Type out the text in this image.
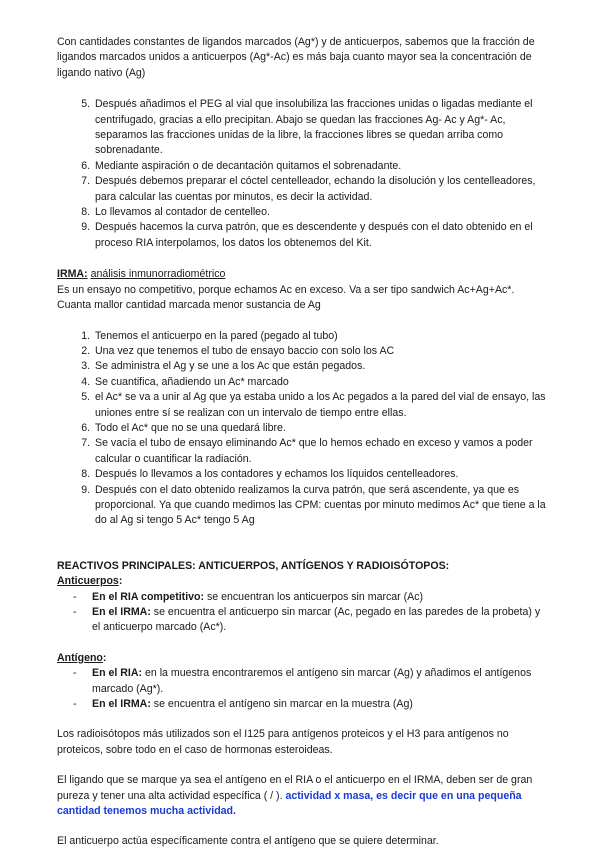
Con cantidades constantes de ligandos marcados (Ag*) y de anticuerpos, sabemos que la fracción de ligandos marcados unidos a anticuerpos (Ag*-Ac) es más baja cuanto mayor sea la concentración de ligando nativo (Ag)

5. Después añadimos el PEG al vial que insolubiliza las fracciones unidas o ligadas mediante el centrifugado, gracias a ello precipitan. Abajo se quedan las fracciones Ag- Ac y Ag*- Ac, separamos las fracciones unidas de la libre, la fracciones libres se quedan arriba como sobrenadante.
6. Mediante aspiración o de decantación quitamos el sobrenadante.
7. Después debemos preparar el cóctel centelleador, echando la disolución y los centelleadores, para calcular las cuentas por minutos, es decir la actividad.
8. Lo llevamos al contador de centelleo.
9. Después hacemos la curva patrón, que es descendente y después con el dato obtenido en el proceso RIA interpolamos, los datos los obtenemos del Kit.

IRMA: análisis inmunorradiométrico

Es un ensayo no competitivo, porque echamos Ac en exceso. Va a ser tipo sandwich Ac+Ag+Ac*.

Cuanta mallor cantidad marcada menor sustancia de Ag

1. Tenemos el anticuerpo en la pared (pegado al tubo)
2. Una vez que tenemos el tubo de ensayo baccio con solo los AC
3. Se administra el Ag y se une a los Ac que están pegados.
4. Se cuantifica, añadiendo un Ac* marcado
5. el Ac* se va a unir al Ag que ya estaba unido a los Ac pegados a la pared del vial de ensayo, las uniones entre sí se realizan con un intervalo de tiempo entre ellas.
6. Todo el Ac* que no se una quedará libre.
7. Se vacía el tubo de ensayo eliminando Ac* que lo hemos echado en exceso y vamos a poder calcular o cuantificar la radiación.
8. Después lo llevamos a los contadores y echamos los líquidos centelleadores.
9. Después con el dato obtenido realizamos la curva patrón, que será ascendente, ya que es proporcional. Ya que cuando medimos las CPM: cuentas por minuto medimos Ac* que tiene a la do al Ag si tengo 5 Ac* tengo 5 Ag

REACTIVOS PRINCIPALES: ANTICUERPOS, ANTÍGENOS Y RADIOISÓTOPOS:

Anticuerpos:

- En el RIA competitivo: se encuentran los anticuerpos sin marcar (Ac)
- En el IRMA: se encuentra el anticuerpo sin marcar (Ac, pegado en las paredes de la probeta) y el anticuerpo marcado (Ac*).

Antígeno:

- En el RIA: en la muestra encontraremos el antígeno sin marcar (Ag) y añadimos el antígenos marcado (Ag*).
- En el IRMA: se encuentra el antígeno sin marcar en la muestra (Ag)

Los radioisótopos más utilizados son el I125 para antígenos proteicos y el H3 para antígenos no proteicos, sobre todo en el caso de hormonas esteroideas.

El ligando que se marque ya sea el antígeno en el RIA o el anticuerpo en el IRMA, deben ser de gran pureza y tener una alta actividad específica ( / ). actividad x masa, es decir que en una pequeña cantidad tenemos mucha actividad.

El anticuerpo actúa específicamente contra el antígeno que se quiere determinar.
